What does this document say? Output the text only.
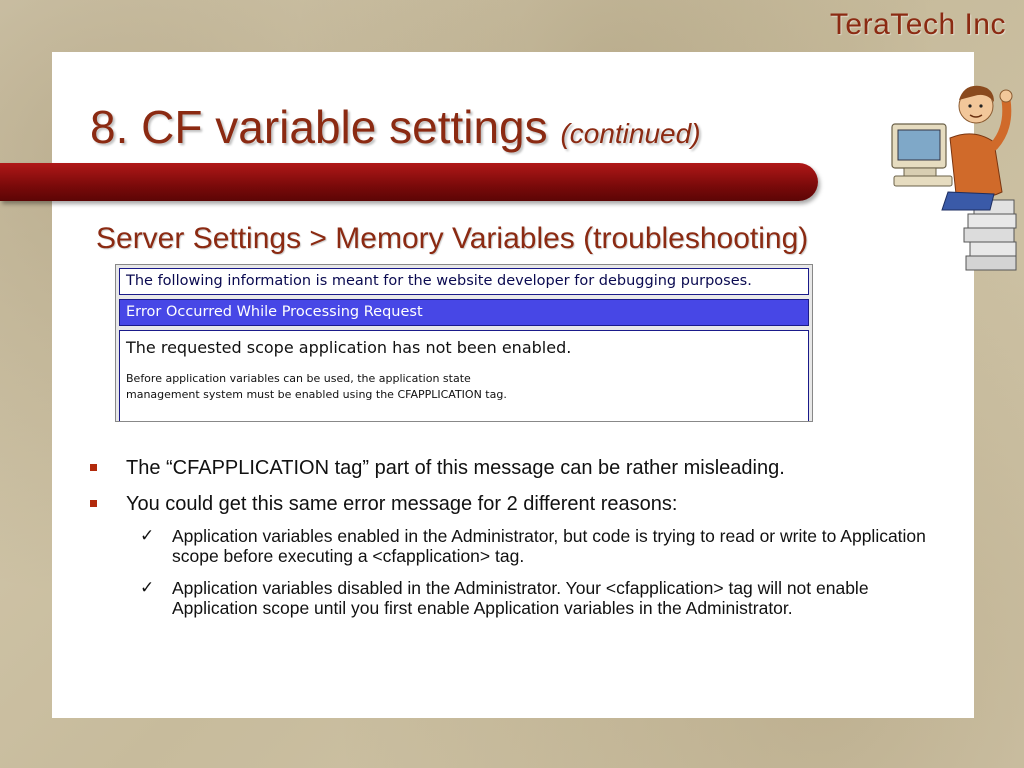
TeraTech Inc
8. CF variable settings (continued)
Server Settings > Memory Variables (troubleshooting)
The following information is meant for the website developer for debugging purposes.
Error Occurred While Processing Request
The requested scope application has not been enabled.
Before application variables can be used, the application state
management system must be enabled using the CFAPPLICATION tag.
The “CFAPPLICATION tag” part of this message can be rather misleading.
You could get this same error message for 2 different reasons:
✓ Application variables enabled in the Administrator, but code is trying to read or write to Application scope before executing a <cfapplication> tag.
✓ Application variables disabled in the Administrator. Your <cfapplication> tag will not enable Application scope until you first enable Application variables in the Administrator.
